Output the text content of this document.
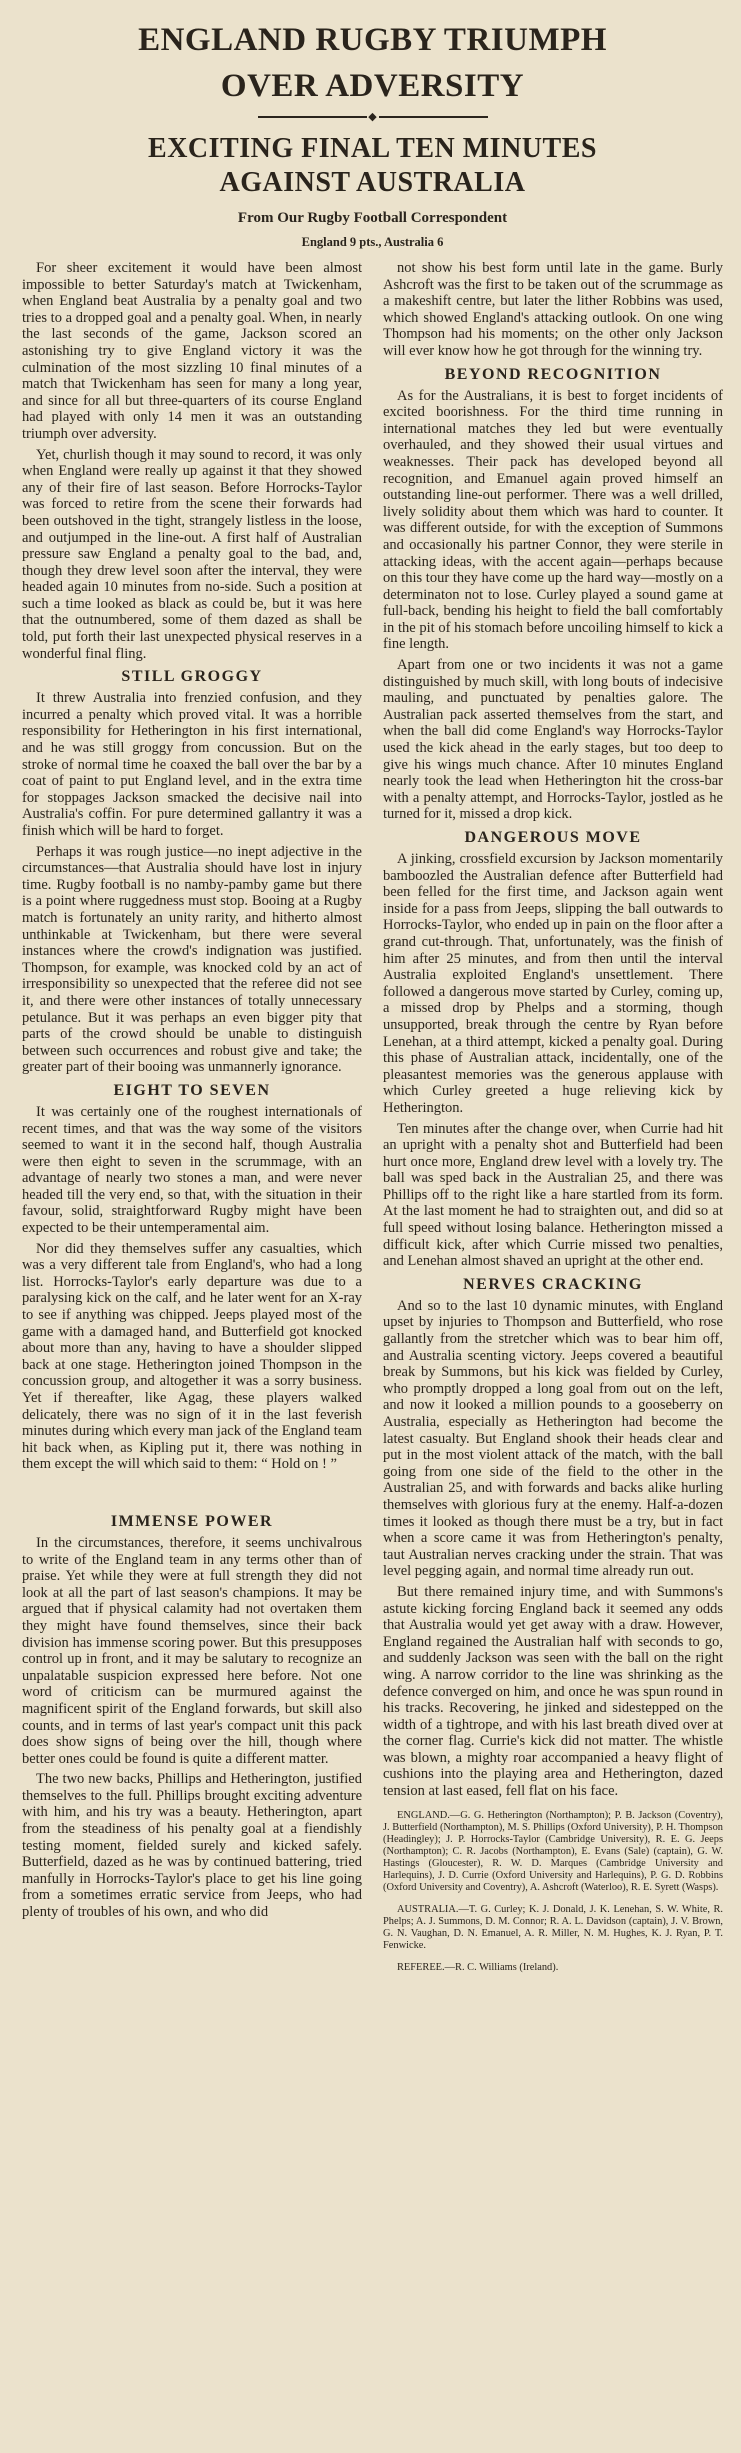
ENGLAND RUGBY TRIUMPH
OVER ADVERSITY
◆
EXCITING FINAL TEN MINUTES
AGAINST AUSTRALIA
From Our Rugby Football Correspondent
England 9 pts., Australia 6

For sheer excitement it would have been almost impossible to better Saturday's match at Twickenham, when England beat Australia by a penalty goal and two tries to a dropped goal and a penalty goal. When, in nearly the last seconds of the game, Jackson scored an astonishing try to give England victory it was the culmination of the most sizzling 10 final minutes of a match that Twickenham has seen for many a long year, and since for all but three-quarters of its course England had played with only 14 men it was an outstanding triumph over adversity.

Yet, churlish though it may sound to record, it was only when England were really up against it that they showed any of their fire of last season. Before Horrocks-Taylor was forced to retire from the scene their forwards had been outshoved in the tight, strangely listless in the loose, and outjumped in the line-out. A first half of Australian pressure saw England a penalty goal to the bad, and, though they drew level soon after the interval, they were headed again 10 minutes from no-side. Such a position at such a time looked as black as could be, but it was here that the outnumbered, some of them dazed as shall be told, put forth their last unexpected physical reserves in a wonderful final fling.

STILL GROGGY

It threw Australia into frenzied confusion, and they incurred a penalty which proved vital. It was a horrible responsibility for Hetherington in his first international, and he was still groggy from concussion. But on the stroke of normal time he coaxed the ball over the bar by a coat of paint to put England level, and in the extra time for stoppages Jackson smacked the decisive nail into Australia's coffin. For pure determined gallantry it was a finish which will be hard to forget.

Perhaps it was rough justice—no inept adjective in the circumstances—that Australia should have lost in injury time. Rugby football is no namby-pamby game but there is a point where ruggedness must stop. Booing at a Rugby match is fortunately an unity rarity, and hitherto almost unthinkable at Twickenham, but there were several instances where the crowd's indignation was justified. Thompson, for example, was knocked cold by an act of irresponsibility so unexpected that the referee did not see it, and there were other instances of totally unnecessary petulance. But it was perhaps an even bigger pity that parts of the crowd should be unable to distinguish between such occurrences and robust give and take; the greater part of their booing was unmannerly ignorance.

EIGHT TO SEVEN

It was certainly one of the roughest internationals of recent times, and that was the way some of the visitors seemed to want it in the second half, though Australia were then eight to seven in the scrummage, with an advantage of nearly two stones a man, and were never headed till the very end, so that, with the situation in their favour, solid, straightforward Rugby might have been expected to be their untemperamental aim.

Nor did they themselves suffer any casualties, which was a very different tale from England's, who had a long list. Horrocks-Taylor's early departure was due to a paralysing kick on the calf, and he later went for an X-ray to see if anything was chipped. Jeeps played most of the game with a damaged hand, and Butterfield got knocked about more than any, having to have a shoulder slipped back at one stage. Hetherington joined Thompson in the concussion group, and altogether it was a sorry business. Yet if thereafter, like Agag, these players walked delicately, there was no sign of it in the last feverish minutes during which every man jack of the England team hit back when, as Kipling put it, there was nothing in them except the will which said to them: “ Hold on ! ”

IMMENSE POWER

In the circumstances, therefore, it seems unchivalrous to write of the England team in any terms other than of praise. Yet while they were at full strength they did not look at all the part of last season's champions. It may be argued that if physical calamity had not overtaken them they might have found themselves, since their back division has immense scoring power. But this presupposes control up in front, and it may be salutary to recognize an unpalatable suspicion expressed here before. Not one word of criticism can be murmured against the magnificent spirit of the England forwards, but skill also counts, and in terms of last year's compact unit this pack does show signs of being over the hill, though where better ones could be found is quite a different matter.

The two new backs, Phillips and Hetherington, justified themselves to the full. Phillips brought exciting adventure with him, and his try was a beauty. Hetherington, apart from the steadiness of his penalty goal at a fiendishly testing moment, fielded surely and kicked safely. Butterfield, dazed as he was by continued battering, tried manfully in Horrocks-Taylor's place to get his line going from a sometimes erratic service from Jeeps, who had plenty of troubles of his own, and who did

not show his best form until late in the game. Burly Ashcroft was the first to be taken out of the scrummage as a makeshift centre, but later the lither Robbins was used, which showed England's attacking outlook. On one wing Thompson had his moments; on the other only Jackson will ever know how he got through for the winning try.

BEYOND RECOGNITION

As for the Australians, it is best to forget incidents of excited boorishness. For the third time running in international matches they led but were eventually overhauled, and they showed their usual virtues and weaknesses. Their pack has developed beyond all recognition, and Emanuel again proved himself an outstanding line-out performer. There was a well drilled, lively solidity about them which was hard to counter. It was different outside, for with the exception of Summons and occasionally his partner Connor, they were sterile in attacking ideas, with the accent again—perhaps because on this tour they have come up the hard way—mostly on a determinaton not to lose. Curley played a sound game at full-back, bending his height to field the ball comfortably in the pit of his stomach before uncoiling himself to kick a fine length.

Apart from one or two incidents it was not a game distinguished by much skill, with long bouts of indecisive mauling, and punctuated by penalties galore. The Australian pack asserted themselves from the start, and when the ball did come England's way Horrocks-Taylor used the kick ahead in the early stages, but too deep to give his wings much chance. After 10 minutes England nearly took the lead when Hetherington hit the cross-bar with a penalty attempt, and Horrocks-Taylor, jostled as he turned for it, missed a drop kick.

DANGEROUS MOVE

A jinking, crossfield excursion by Jackson momentarily bamboozled the Australian defence after Butterfield had been felled for the first time, and Jackson again went inside for a pass from Jeeps, slipping the ball outwards to Horrocks-Taylor, who ended up in pain on the floor after a grand cut-through. That, unfortunately, was the finish of him after 25 minutes, and from then until the interval Australia exploited England's unsettlement. There followed a dangerous move started by Curley, coming up, a missed drop by Phelps and a storming, though unsupported, break through the centre by Ryan before Lenehan, at a third attempt, kicked a penalty goal. During this phase of Australian attack, incidentally, one of the pleasantest memories was the generous applause with which Curley greeted a huge relieving kick by Hetherington.

Ten minutes after the change over, when Currie had hit an upright with a penalty shot and Butterfield had been hurt once more, England drew level with a lovely try. The ball was sped back in the Australian 25, and there was Phillips off to the right like a hare startled from its form. At the last moment he had to straighten out, and did so at full speed without losing balance. Hetherington missed a difficult kick, after which Currie missed two penalties, and Lenehan almost shaved an upright at the other end.

NERVES CRACKING

And so to the last 10 dynamic minutes, with England upset by injuries to Thompson and Butterfield, who rose gallantly from the stretcher which was to bear him off, and Australia scenting victory. Jeeps covered a beautiful break by Summons, but his kick was fielded by Curley, who promptly dropped a long goal from out on the left, and now it looked a million pounds to a gooseberry on Australia, especially as Hetherington had become the latest casualty. But England shook their heads clear and put in the most violent attack of the match, with the ball going from one side of the field to the other in the Australian 25, and with forwards and backs alike hurling themselves with glorious fury at the enemy. Half-a-dozen times it looked as though there must be a try, but in fact when a score came it was from Hetherington's penalty, taut Australian nerves cracking under the strain. That was level pegging again, and normal time already run out.

But there remained injury time, and with Summons's astute kicking forcing England back it seemed any odds that Australia would yet get away with a draw. However, England regained the Australian half with seconds to go, and suddenly Jackson was seen with the ball on the right wing. A narrow corridor to the line was shrinking as the defence converged on him, and once he was spun round in his tracks. Recovering, he jinked and sidestepped on the width of a tightrope, and with his last breath dived over at the corner flag. Currie's kick did not matter. The whistle was blown, a mighty roar accompanied a heavy flight of cushions into the playing area and Hetherington, dazed tension at last eased, fell flat on his face.

ENGLAND.—G. G. Hetherington (Northampton); P. B. Jackson (Coventry), J. Butterfield (Northampton), M. S. Phillips (Oxford University), P. H. Thompson (Headingley); J. P. Horrocks-Taylor (Cambridge University), R. E. G. Jeeps (Northampton); C. R. Jacobs (Northampton), E. Evans (Sale) (captain), G. W. Hastings (Gloucester), R. W. D. Marques (Cambridge University and Harlequins), J. D. Currie (Oxford University and Harlequins), P. G. D. Robbins (Oxford University and Coventry), A. Ashcroft (Waterloo), R. E. Syrett (Wasps).

AUSTRALIA.—T. G. Curley; K. J. Donald, J. K. Lenehan, S. W. White, R. Phelps; A. J. Summons, D. M. Connor; R. A. L. Davidson (captain), J. V. Brown, G. N. Vaughan, D. N. Emanuel, A. R. Miller, N. M. Hughes, K. J. Ryan, P. T. Fenwicke.

REFEREE.—R. C. Williams (Ireland).
